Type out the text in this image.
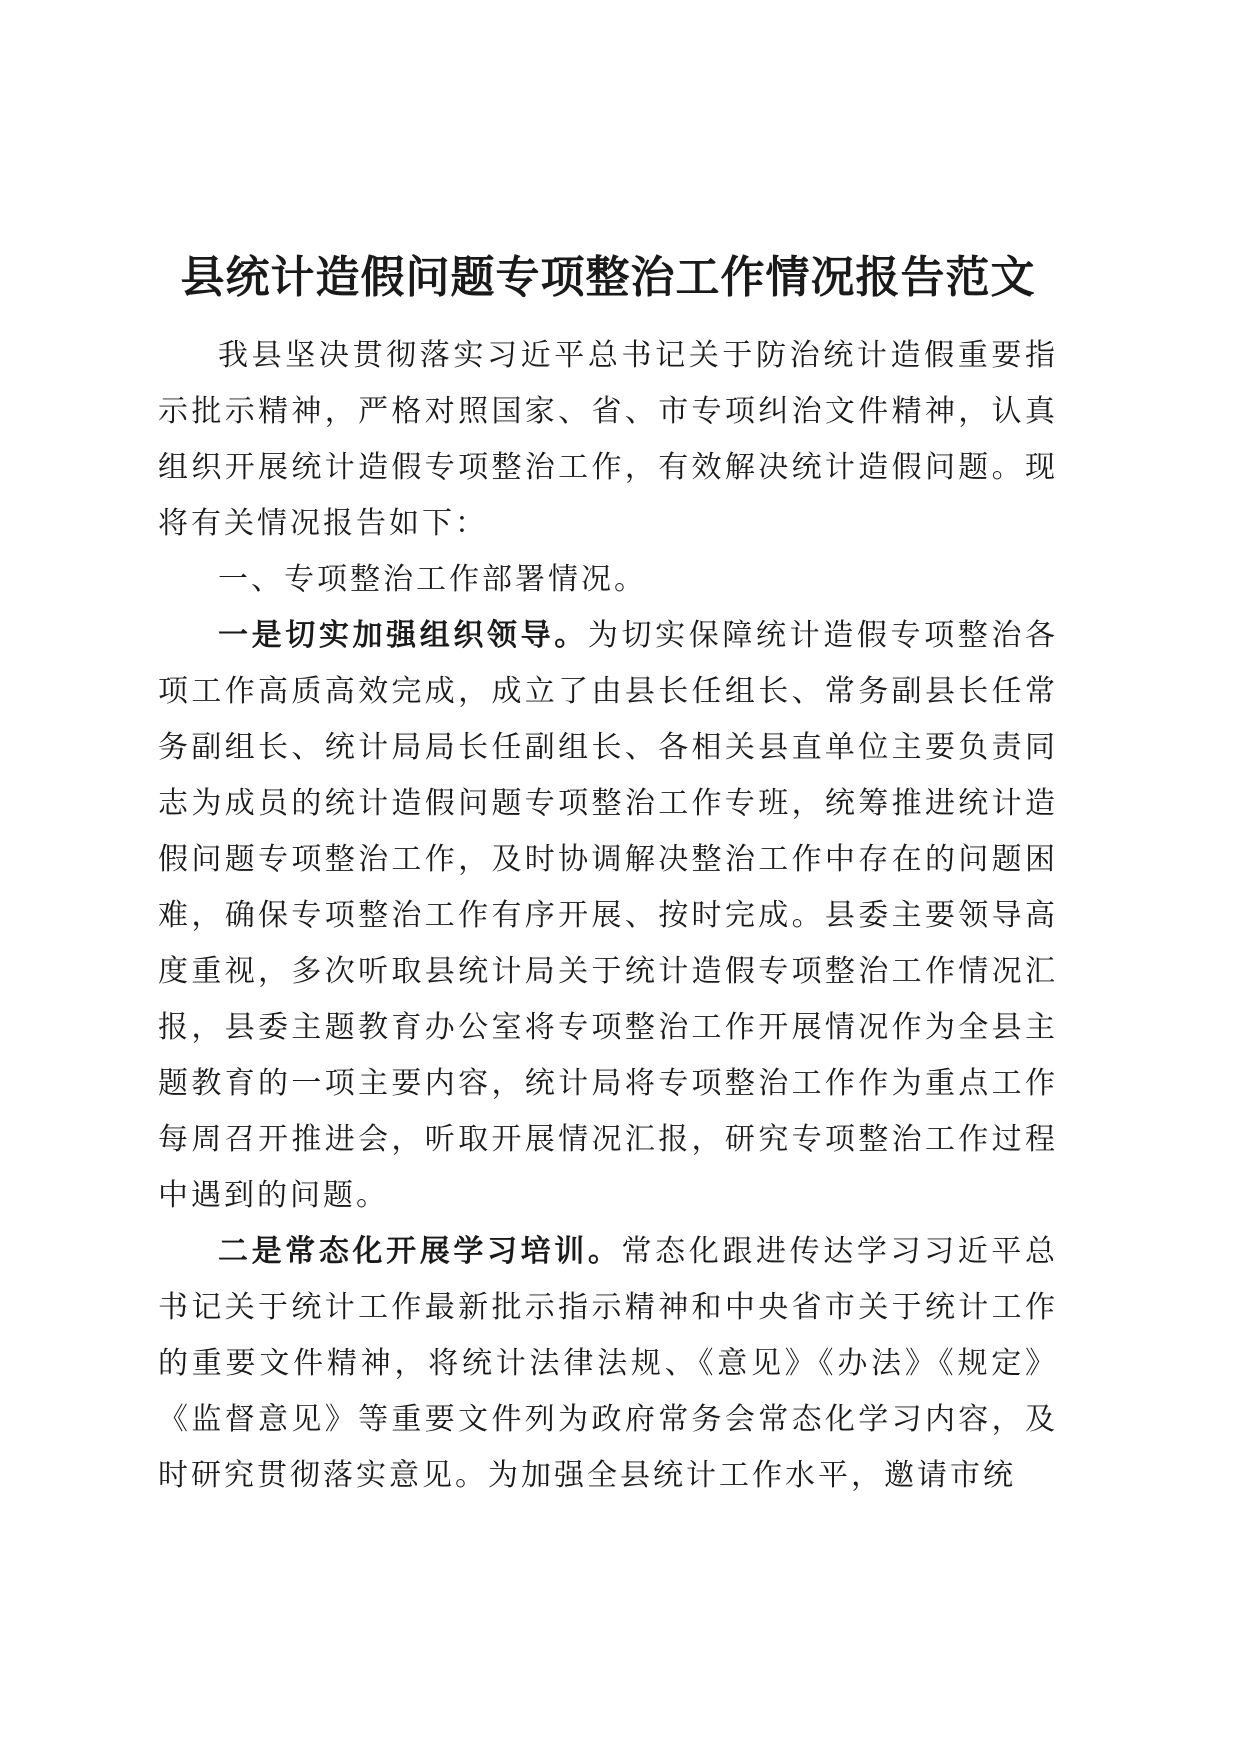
县统计造假问题专项整治工作情况报告范文

我县坚决贯彻落实习近平总书记关于防治统计造假重要指示批示精神，严格对照国家、省、市专项纠治文件精神，认真组织开展统计造假专项整治工作，有效解决统计造假问题。现将有关情况报告如下：

一、专项整治工作部署情况。

一是切实加强组织领导。为切实保障统计造假专项整治各项工作高质高效完成，成立了由县长任组长、常务副县长任常务副组长、统计局局长任副组长、各相关县直单位主要负责同志为成员的统计造假问题专项整治工作专班，统筹推进统计造假问题专项整治工作，及时协调解决整治工作中存在的问题困难，确保专项整治工作有序开展、按时完成。县委主要领导高度重视，多次听取县统计局关于统计造假专项整治工作情况汇报，县委主题教育办公室将专项整治工作开展情况作为全县主题教育的一项主要内容，统计局将专项整治工作作为重点工作每周召开推进会，听取开展情况汇报，研究专项整治工作过程中遇到的问题。

二是常态化开展学习培训。常态化跟进传达学习习近平总书记关于统计工作最新批示指示精神和中央省市关于统计工作的重要文件精神，将统计法律法规、《意见》《办法》《规定》《监督意见》等重要文件列为政府常务会常态化学习内容，及时研究贯彻落实意见。为加强全县统计工作水平，邀请市统
